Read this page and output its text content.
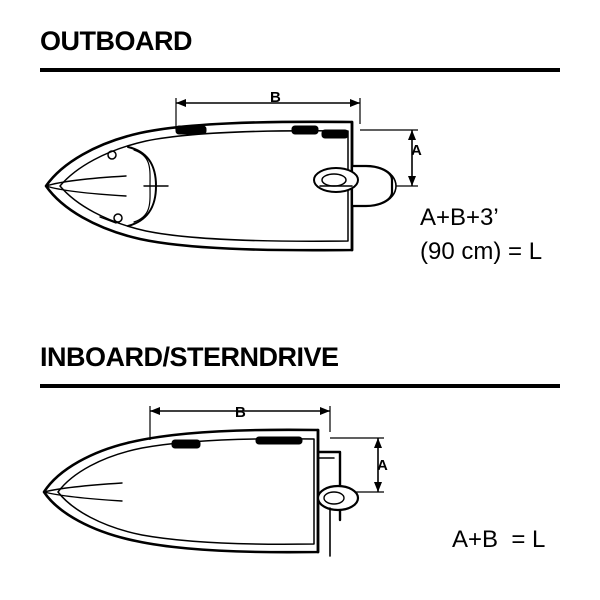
OUTBOARD
A+B+3’
(90 cm) = L
B
A
INBOARD/STERNDRIVE
A+B  = L
B
A
